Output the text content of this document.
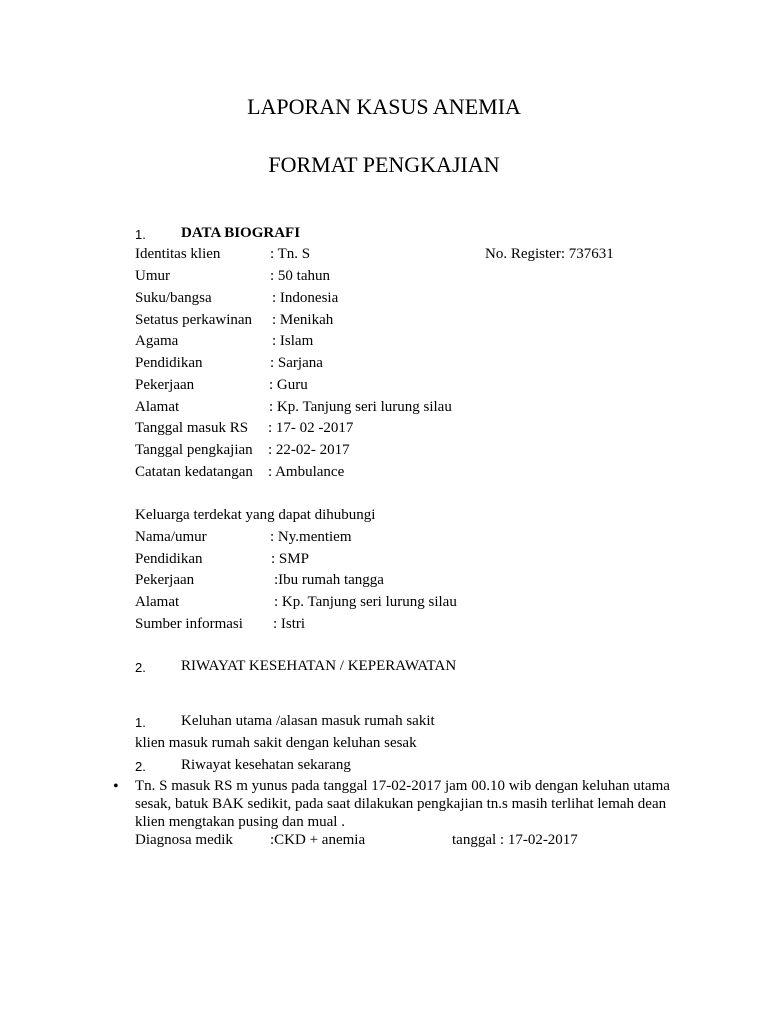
LAPORAN KASUS ANEMIA
FORMAT PENGKAJIAN
1. DATA BIOGRAFI
Identitas klien	: Tn. S	No. Register: 737631
Umur	: 50 tahun
Suku/bangsa	: Indonesia
Setatus perkawinan : Menikah
Agama	: Islam
Pendidikan	: Sarjana
Pekerjaan	: Guru
Alamat	: Kp. Tanjung seri lurung silau
Tanggal masuk RS : 17- 02 -2017
Tanggal pengkajian : 22-02- 2017
Catatan kedatangan : Ambulance
Keluarga terdekat yang dapat dihubungi
Nama/umur	: Ny.mentiem
Pendidikan	: SMP
Pekerjaan	:Ibu rumah tangga
Alamat	: Kp. Tanjung seri lurung silau
Sumber informasi : Istri
2. RIWAYAT KESEHATAN / KEPERAWATAN
1. Keluhan utama /alasan masuk rumah sakit
klien masuk rumah sakit dengan keluhan sesak
2. Riwayat kesehatan sekarang
• Tn. S masuk RS m yunus pada tanggal 17-02-2017 jam 00.10 wib dengan keluhan utama
sesak, batuk BAK sedikit, pada saat dilakukan pengkajian tn.s masih terlihat lemah dean
klien mengtakan pusing dan mual .
Diagnosa medik :CKD + anemia	tanggal : 17-02-2017
